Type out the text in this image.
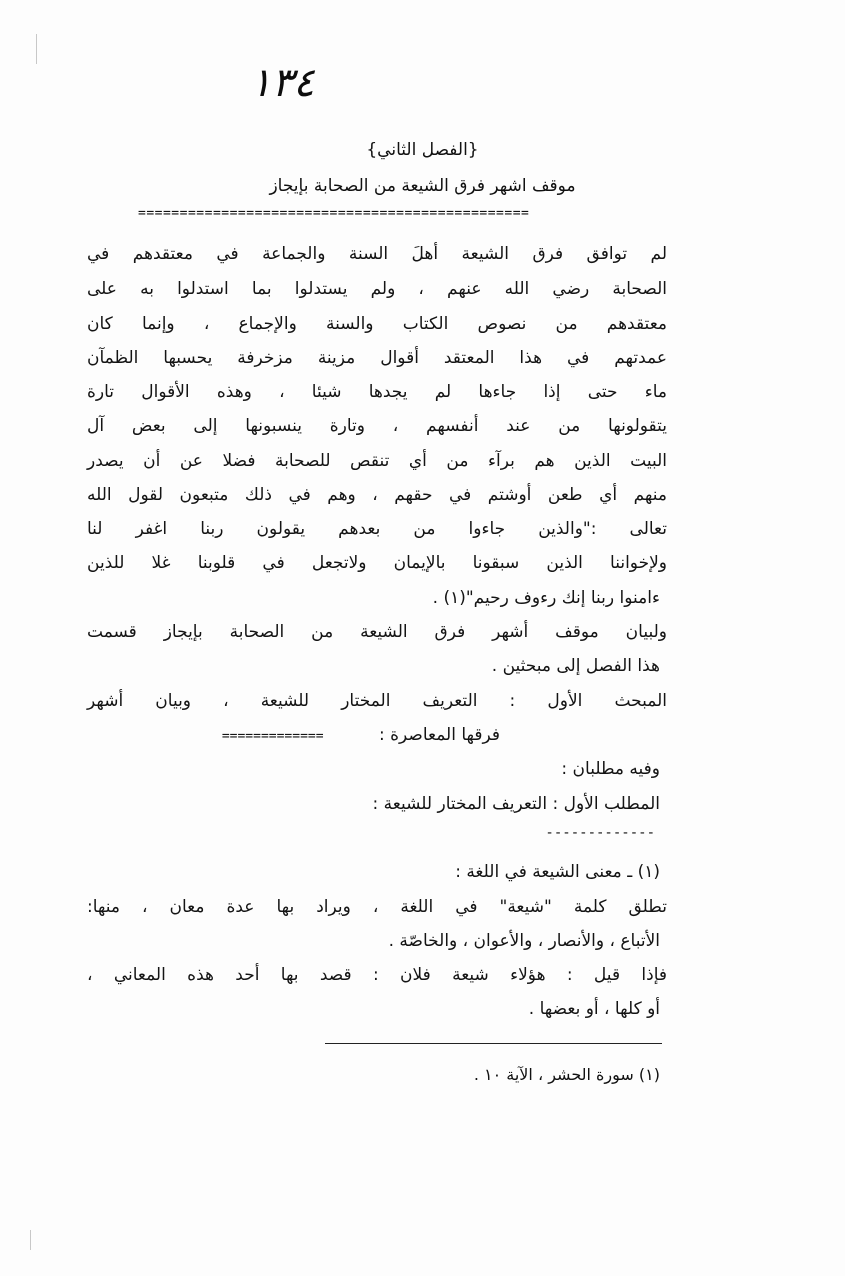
١٣٤
{الفصل الثاني}
موقف اشهر فرق الشيعة من الصحابة بإيجاز
===============================================
لم توافق فرق الشيعة أهلَ السنة والجماعة في معتقدهم في
الصحابة رضي الله عنهم ، ولم يستدلوا بما استدلوا به على
معتقدهم من نصوص الكتاب والسنة والإجماع ، وإنما كان
عمدتهم في هذا المعتقد أقوال مزينة مزخرفة يحسبها الظمآن
ماء حتى إذا جاءها لم يجدها شيئا ، وهذه الأقوال تارة
يتقولونها من عند أنفسهم ، وتارة ينسبونها إلى بعض آل
البيت الذين هم برآء من أي تنقص للصحابة فضلا عن أن يصدر
منهم أي طعن أوشتم في حقهم ، وهم في ذلك متبعون لقول الله
تعالى :"والذين جاءوا من بعدهم يقولون ربنا اغفر لنا
ولإخواننا الذين سبقونا بالإيمان ولاتجعل في قلوبنا غلا للذين
ءامنوا ربنا إنك رءوف رحيم"(١) .
ولبيان موقف أشهر فرق الشيعة من الصحابة بإيجاز قسمت
هذا الفصل إلى مبحثين .
المبحث الأول : التعريف المختار للشيعة ، وبيان أشهر
فرقها المعاصرة : =============
وفيه مطلبان :
المطلب الأول : التعريف المختار للشيعة :
-------------
(١) ـ معنى الشيعة في اللغة :
تطلق كلمة "شيعة" في اللغة ، ويراد بها عدة معان ، منها:
الأتباع ، والأنصار ، والأعوان ، والخاصّة .
فإذا قيل : هؤلاء شيعة فلان : قصد بها أحد هذه المعاني ،
أو كلها ، أو بعضها .
(١) سورة الحشر ، الآية ١٠ .
